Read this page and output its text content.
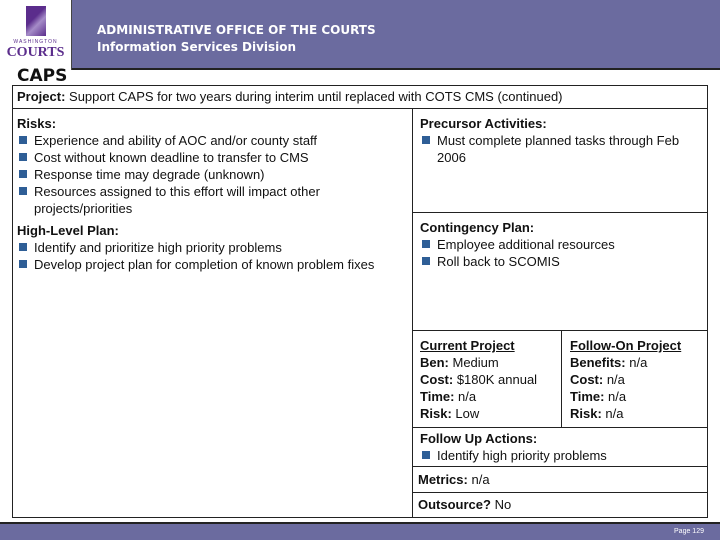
WASHINGTON
COURTS
ADMINISTRATIVE OFFICE OF THE COURTS
Information Services Division
CAPS
Project: Support CAPS for two years during interim until replaced with COTS CMS (continued)
Risks:
Experience and ability of AOC and/or county staff
Cost without known deadline to transfer to CMS
Response time may degrade (unknown)
Resources assigned to this effort will impact other projects/priorities
High-Level Plan:
Identify and prioritize high priority problems
Develop project plan for completion of known problem fixes
Precursor Activities:
Must complete planned tasks through Feb 2006
Contingency Plan:
Employee additional resources
Roll back to SCOMIS
Current Project
Ben: Medium
Cost: $180K annual
Time: n/a
Risk: Low
Follow-On Project
Benefits: n/a
Cost: n/a
Time: n/a
Risk: n/a
Follow Up Actions:
Identify high priority problems
Metrics: n/a
Outsource? No
Page 129
